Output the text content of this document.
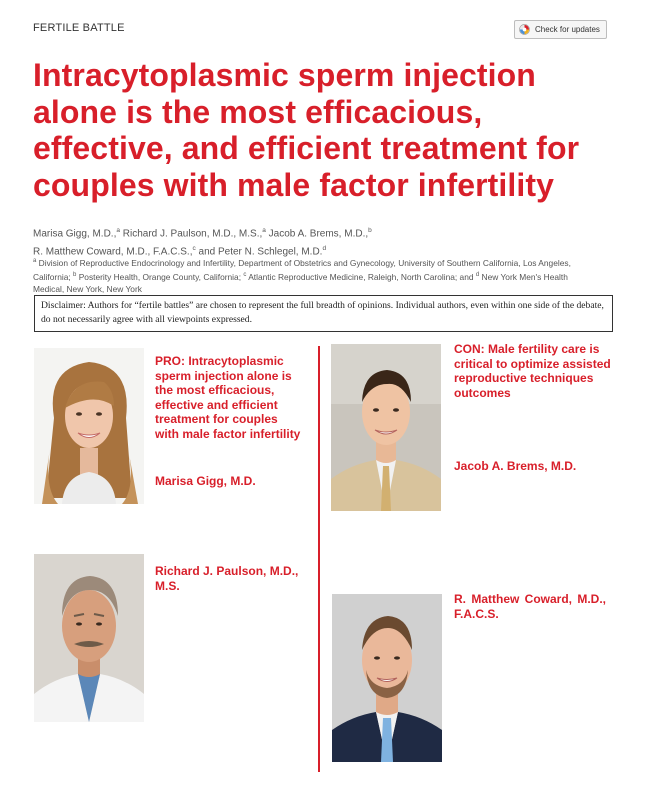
FERTILE BATTLE	Check for updates
Intracytoplasmic sperm injection alone is the most efficacious, effective, and efficient treatment for couples with male factor infertility
Marisa Gigg, M.D.,$^a$ Richard J. Paulson, M.D., M.S.,$^a$ Jacob A. Brems, M.D.,$^b$
R. Matthew Coward, M.D., F.A.C.S.,$^c$ and Peter N. Schlegel, M.D.$^d$
$^a$ Division of Reproductive Endocrinology and Infertility, Department of Obstetrics and Gynecology, University of Southern California, Los Angeles, California; $^b$ Posterity Health, Orange County, California; $^c$ Atlantic Reproductive Medicine, Raleigh, North Carolina; and $^d$ New York Men's Health Medical, New York, New York
Disclaimer: Authors for “fertile battles” are chosen to represent the full breadth of opinions. Individual authors, even within one side of the debate, do not necessarily agree with all viewpoints expressed.
PRO: Intracytoplasmic sperm injection alone is the most efficacious, effective and efficient treatment for couples with male factor infertility
Marisa Gigg, M.D.
CON: Male fertility care is critical to optimize assisted reproductive techniques outcomes
Jacob A. Brems, M.D.
Richard J. Paulson, M.D., M.S.
R. Matthew Coward, M.D., F.A.C.S.
